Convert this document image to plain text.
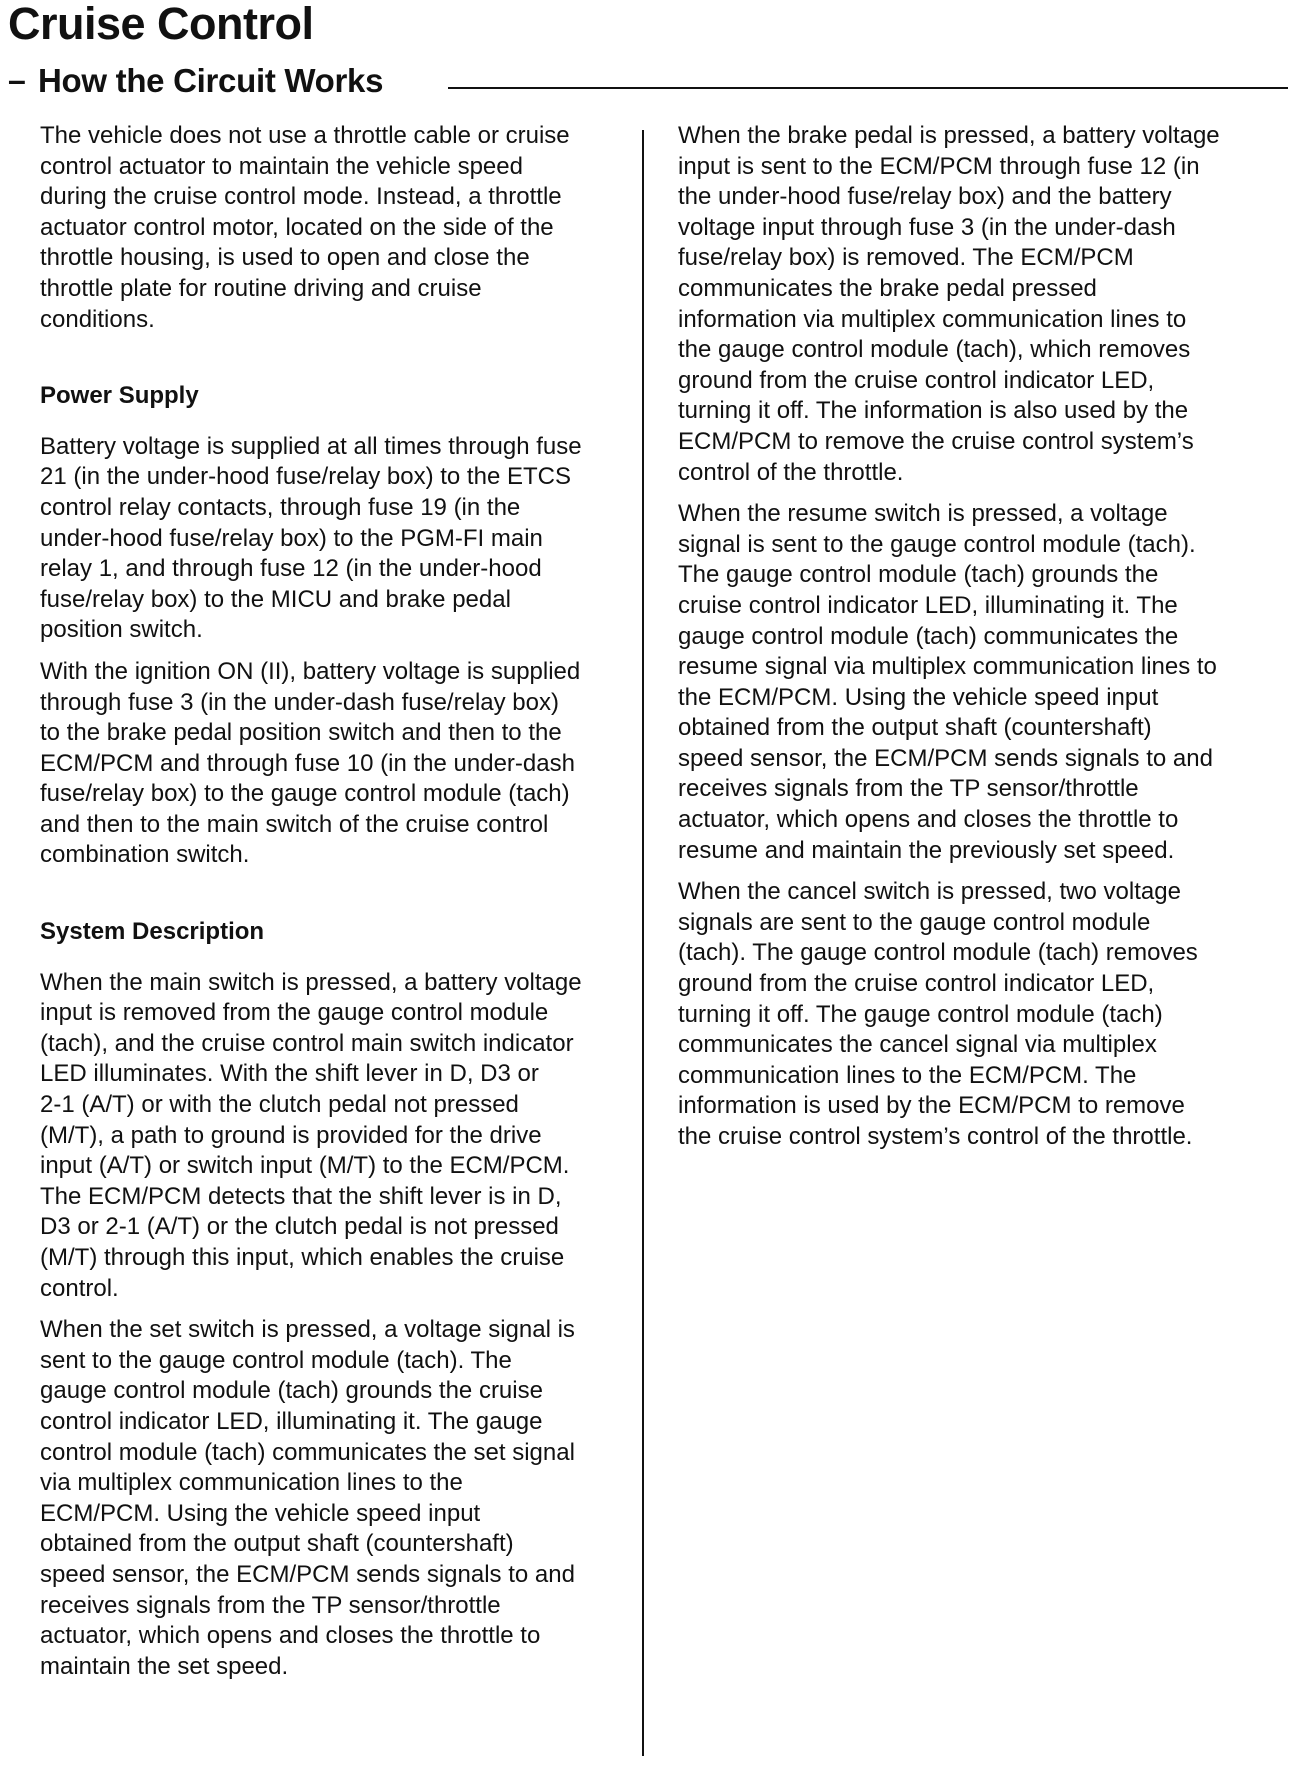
Cruise Control
– How the Circuit Works
The vehicle does not use a throttle cable or cruise
control actuator to maintain the vehicle speed
during the cruise control mode. Instead, a throttle
actuator control motor, located on the side of the
throttle housing, is used to open and close the
throttle plate for routine driving and cruise
conditions.
Power Supply
Battery voltage is supplied at all times through fuse
21 (in the under-hood fuse/relay box) to the ETCS
control relay contacts, through fuse 19 (in the
under-hood fuse/relay box) to the PGM-FI main
relay 1, and through fuse 12 (in the under-hood
fuse/relay box) to the MICU and brake pedal
position switch.
With the ignition ON (II), battery voltage is supplied
through fuse 3 (in the under-dash fuse/relay box)
to the brake pedal position switch and then to the
ECM/PCM and through fuse 10 (in the under-dash
fuse/relay box) to the gauge control module (tach)
and then to the main switch of the cruise control
combination switch.
System Description
When the main switch is pressed, a battery voltage
input is removed from the gauge control module
(tach), and the cruise control main switch indicator
LED illuminates. With the shift lever in D, D3 or
2-1 (A/T) or with the clutch pedal not pressed
(M/T), a path to ground is provided for the drive
input (A/T) or switch input (M/T) to the ECM/PCM.
The ECM/PCM detects that the shift lever is in D,
D3 or 2-1 (A/T) or the clutch pedal is not pressed
(M/T) through this input, which enables the cruise
control.
When the set switch is pressed, a voltage signal is
sent to the gauge control module (tach). The
gauge control module (tach) grounds the cruise
control indicator LED, illuminating it. The gauge
control module (tach) communicates the set signal
via multiplex communication lines to the
ECM/PCM. Using the vehicle speed input
obtained from the output shaft (countershaft)
speed sensor, the ECM/PCM sends signals to and
receives signals from the TP sensor/throttle
actuator, which opens and closes the throttle to
maintain the set speed.
When the brake pedal is pressed, a battery voltage
input is sent to the ECM/PCM through fuse 12 (in
the under-hood fuse/relay box) and the battery
voltage input through fuse 3 (in the under-dash
fuse/relay box) is removed. The ECM/PCM
communicates the brake pedal pressed
information via multiplex communication lines to
the gauge control module (tach), which removes
ground from the cruise control indicator LED,
turning it off. The information is also used by the
ECM/PCM to remove the cruise control system’s
control of the throttle.
When the resume switch is pressed, a voltage
signal is sent to the gauge control module (tach).
The gauge control module (tach) grounds the
cruise control indicator LED, illuminating it. The
gauge control module (tach) communicates the
resume signal via multiplex communication lines to
the ECM/PCM. Using the vehicle speed input
obtained from the output shaft (countershaft)
speed sensor, the ECM/PCM sends signals to and
receives signals from the TP sensor/throttle
actuator, which opens and closes the throttle to
resume and maintain the previously set speed.
When the cancel switch is pressed, two voltage
signals are sent to the gauge control module
(tach). The gauge control module (tach) removes
ground from the cruise control indicator LED,
turning it off. The gauge control module (tach)
communicates the cancel signal via multiplex
communication lines to the ECM/PCM. The
information is used by the ECM/PCM to remove
the cruise control system’s control of the throttle.
